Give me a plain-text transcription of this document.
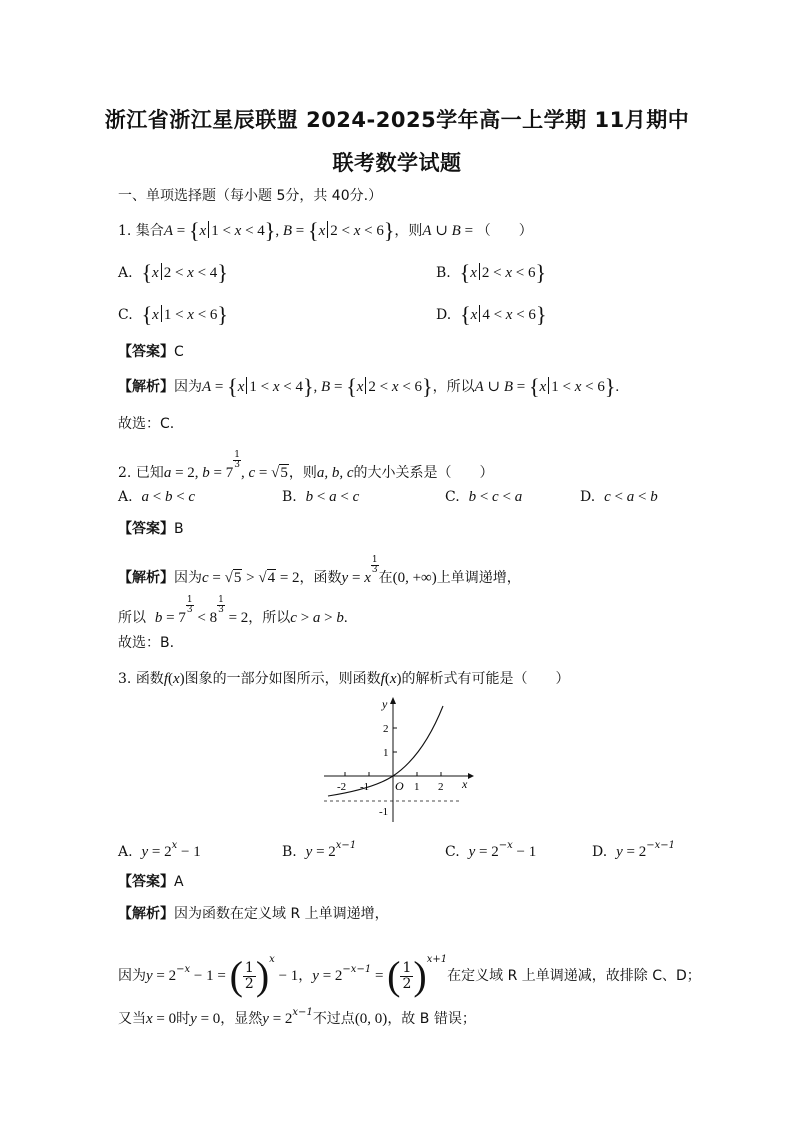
浙江省浙江星辰联盟 2024-2025学年高一上学期 11月期中
联考数学试题
一、单项选择题（每小题 5分，共 40分.）
1. 集合A = {x 1 < x < 4}, B = {x 2 < x < 6}，则A ∪ B = （　　）
A. {x 2 < x < 4}	B. {x 2 < x < 6}
C. {x 1 < x < 6}	D. {x 4 < x < 6}
【答案】C
【解析】因为A = {x 1 < x < 4}, B = {x 2 < x < 6}，所以A ∪ B = {x 1 < x < 6}.
故选：C.
2. 已知a = 2, b = 7
$\frac{1}{3}$
, c = √5，则a, b, c的大小关系是（　　）
A. a < b < c	B. b < a < c	C. b < c < a	D. c < a < b
【答案】B
【解析】因为c = √5 > √4 = 2，函数y = x
$\frac{1}{3}$
在(0, +∞)上单调递增，
所以 b = 7
$\frac{1}{3}$
< 8
$\frac{1}{3}$
= 2，所以c > a > b.
故选：B.
3. 函数f(x)图象的一部分如图所示，则函数f(x)的解析式有可能是（　　）
y
x
O
-2 -1	1 2
2
1
-1
A. $y = 2^x - 1$	B. $y = 2^{x-1}$	C. $y = 2^{-x} - 1$	D. $y = 2^{-x-1}$
【答案】A
【解析】因为函数在定义域 R 上单调递增，
因为$y = 2^{-x} - 1$ = ( $\frac{1}{2} )^x - 1$，$y = 2^{-x-1}$ = ( $\frac{1}{2} )^{x+1}$在定义域 R 上单调递减，故排除 C、D；
又当x = 0时y = 0，显然$y = 2^{x-1}$不过点(0, 0)，故 B 错误；
